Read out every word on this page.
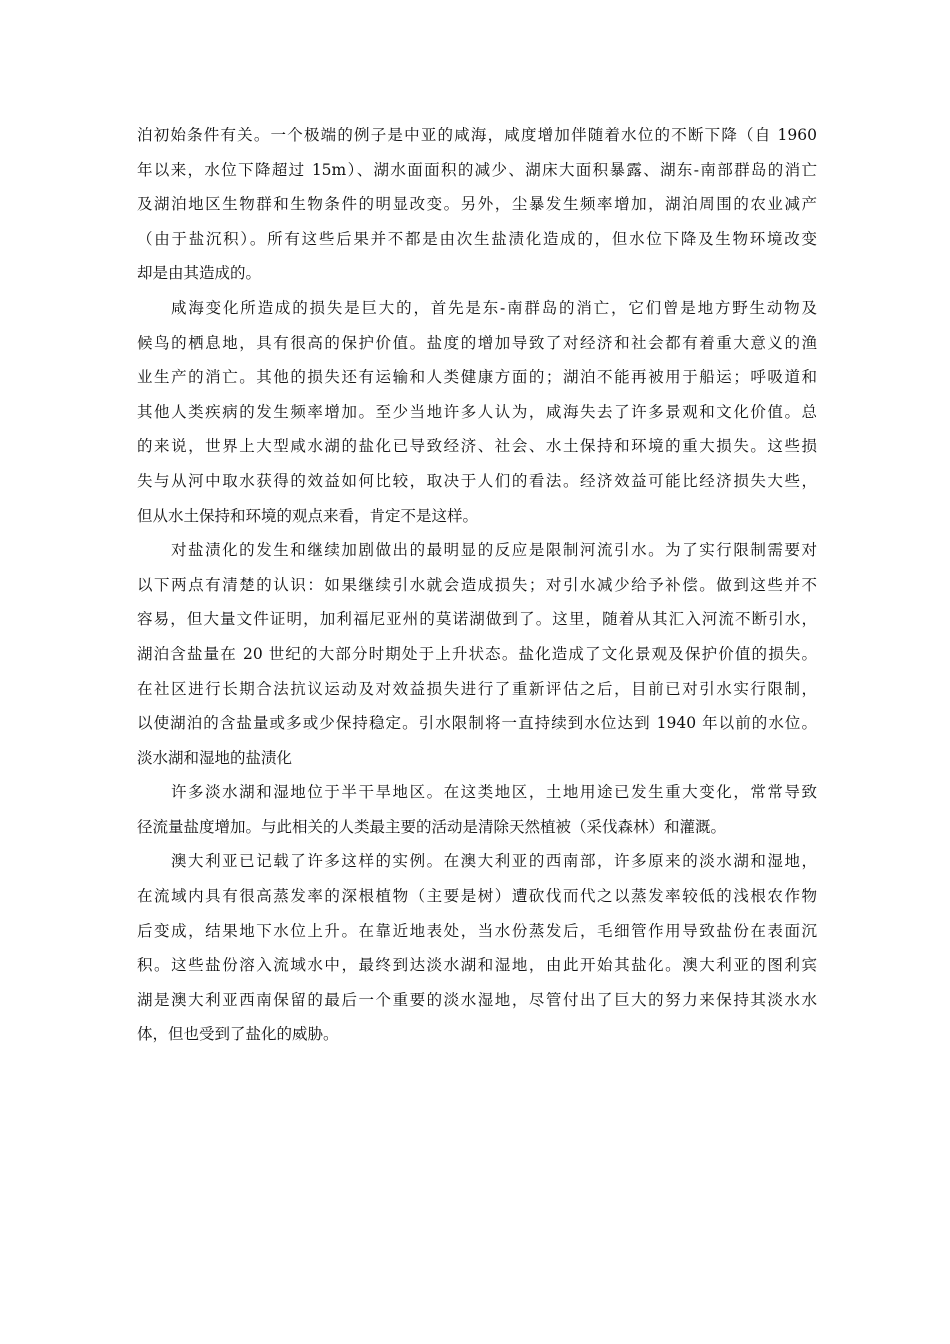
泊初始条件有关。一个极端的例子是中亚的咸海，咸度增加伴随着水位的不断下降（自 1960
年以来，水位下降超过 15m）、湖水面面积的减少、湖床大面积暴露、湖东-南部群岛的消亡
及湖泊地区生物群和生物条件的明显改变。另外，尘暴发生频率增加，湖泊周围的农业减产
（由于盐沉积）。所有这些后果并不都是由次生盐渍化造成的，但水位下降及生物环境改变
却是由其造成的。
咸海变化所造成的损失是巨大的，首先是东-南群岛的消亡，它们曾是地方野生动物及
候鸟的栖息地，具有很高的保护价值。盐度的增加导致了对经济和社会都有着重大意义的渔
业生产的消亡。其他的损失还有运输和人类健康方面的；湖泊不能再被用于船运；呼吸道和
其他人类疾病的发生频率增加。至少当地许多人认为，咸海失去了许多景观和文化价值。总
的来说，世界上大型咸水湖的盐化已导致经济、社会、水土保持和环境的重大损失。这些损
失与从河中取水获得的效益如何比较，取决于人们的看法。经济效益可能比经济损失大些，
但从水土保持和环境的观点来看，肯定不是这样。
对盐渍化的发生和继续加剧做出的最明显的反应是限制河流引水。为了实行限制需要对
以下两点有清楚的认识：如果继续引水就会造成损失；对引水减少给予补偿。做到这些并不
容易，但大量文件证明，加利福尼亚州的莫诺湖做到了。这里，随着从其汇入河流不断引水，
湖泊含盐量在 20 世纪的大部分时期处于上升状态。盐化造成了文化景观及保护价值的损失。
在社区进行长期合法抗议运动及对效益损失进行了重新评估之后，目前已对引水实行限制，
以使湖泊的含盐量或多或少保持稳定。引水限制将一直持续到水位达到 1940 年以前的水位。
淡水湖和湿地的盐渍化
许多淡水湖和湿地位于半干旱地区。在这类地区，土地用途已发生重大变化，常常导致
径流量盐度增加。与此相关的人类最主要的活动是清除天然植被（采伐森林）和灌溉。
澳大利亚已记载了许多这样的实例。在澳大利亚的西南部，许多原来的淡水湖和湿地，
在流域内具有很高蒸发率的深根植物（主要是树）遭砍伐而代之以蒸发率较低的浅根农作物
后变成，结果地下水位上升。在靠近地表处，当水份蒸发后，毛细管作用导致盐份在表面沉
积。这些盐份溶入流域水中，最终到达淡水湖和湿地，由此开始其盐化。澳大利亚的图利宾
湖是澳大利亚西南保留的最后一个重要的淡水湿地，尽管付出了巨大的努力来保持其淡水水
体，但也受到了盐化的威胁。
